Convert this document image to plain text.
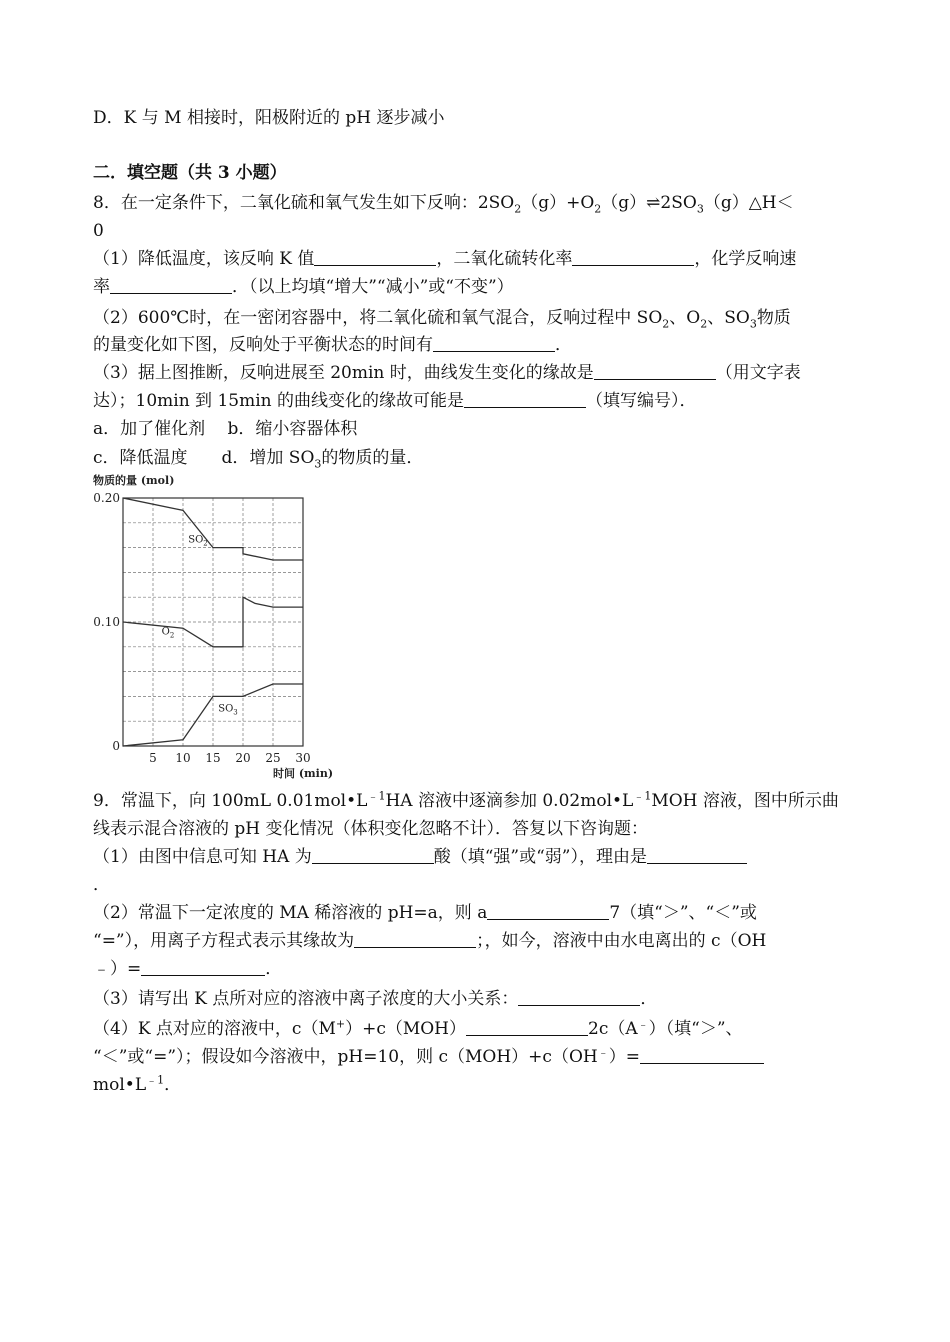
D．K 与 M 相接时，阳极附近的 pH 逐步减小
二．填空题（共 3 小题）
8．在一定条件下，二氧化硫和氧气发生如下反响：$2SO_2(g)+O_2(g)\rightleftharpoons 2SO_3(g)\triangle H<$
0
（1）降低温度，该反响 K 值	，二氧化硫转化率	，化学反响速
率	．（以上均填“增大”“减小”或“不变”）
（2）600℃时，在一密闭容器中，将二氧化硫和氧气混合，反响过程中 $SO_2$、$O_2$、$SO_3$物质
的量变化如下图，反响处于平衡状态的时间有	．
（3）据上图推断，反响进展至 20min 时，曲线发生变化的缘故是	（用文字表
达）；10min 到 15min 的曲线变化的缘故可能是	（填写编号）．
a．加了催化剂　 b．缩小容器体积
c．降低温度　　d．增加 $SO_3$的物质的量．
物质的量 (mol)
0.20
0.10
0
5 10 15 20 25 30
$SO_2$
$O_2$
$SO_3$
时间 (min)
9．常温下，向 100mL $0.01mol•L^{﹣1}HA$ 溶液中逐滴参加 $0.02mol•L^{﹣1}MOH$ 溶液，图中所示曲
线表示混合溶液的 pH 变化情况（体积变化忽略不计）．答复以下咨询题：
（1）由图中信息可知 HA 为	酸（填“强”或“弱”），理由是
．
（2）常温下一定浓度的 MA 稀溶液的 pH=a，则 a	7（填“＞”、“＜”或
“=”），用离子方程式表示其缘故为	；，如今，溶液中由水电离出的 c（OH
﹣）=	．
（3）请写出 K 点所对应的溶液中离子浓度的大小关系：	．
（4）K 点对应的溶液中，c（M+）+c（MOH）	2c（A﹣）（填“＞”、
“＜”或“=”）；假设如今溶液中，pH=10，则 c（MOH）+c（OH﹣）=
$mol•L^{﹣1}$．
